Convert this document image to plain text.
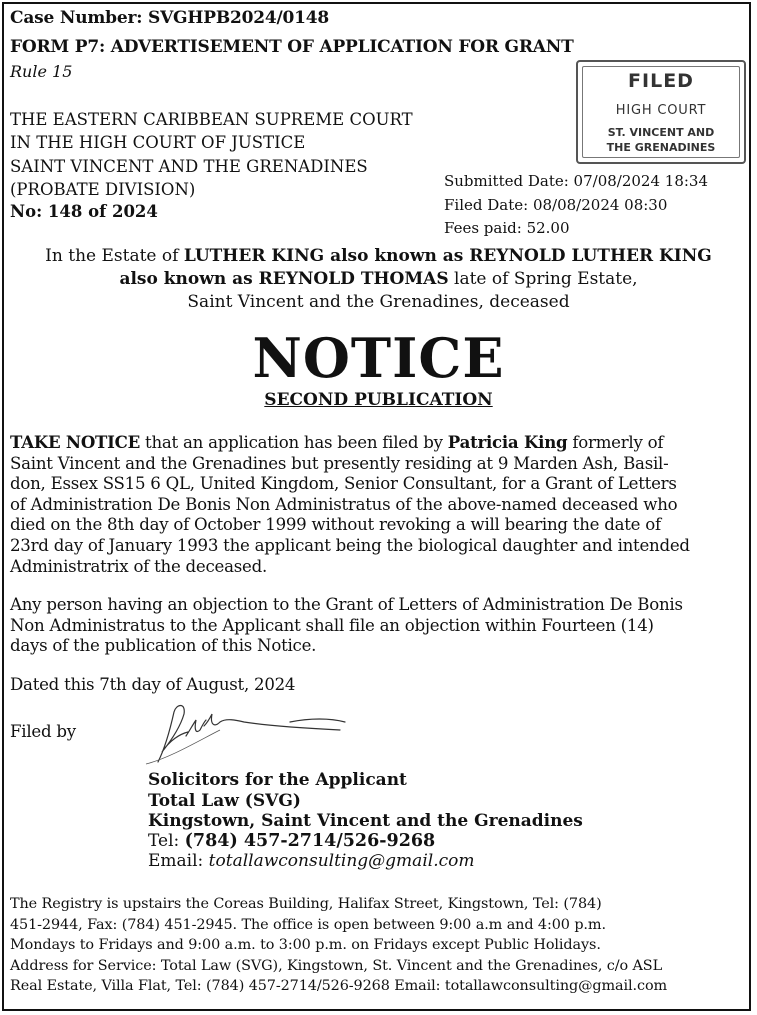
Case Number: SVGHPB2024/0148
FORM P7: ADVERTISEMENT OF APPLICATION FOR GRANT
Rule 15
THE EASTERN CARIBBEAN SUPREME COURT
IN THE HIGH COURT OF JUSTICE
SAINT VINCENT AND THE GRENADINES
(PROBATE DIVISION)
No: 148 of 2024
FILED
HIGH COURT
ST. VINCENT AND
THE GRENADINES
Submitted Date: 07/08/2024 18:34
Filed Date: 08/08/2024 08:30
Fees paid: 52.00
In the Estate of LUTHER KING also known as REYNOLD LUTHER KING
also known as REYNOLD THOMAS late of Spring Estate,
Saint Vincent and the Grenadines, deceased
NOTICE
SECOND PUBLICATION
TAKE NOTICE that an application has been filed by Patricia King formerly of
Saint Vincent and the Grenadines but presently residing at 9 Marden Ash, Basil-
don, Essex SS15 6 QL, United Kingdom, Senior Consultant, for a Grant of Letters
of Administration De Bonis Non Administratus of the above-named deceased who
died on the 8th day of October 1999 without revoking a will bearing the date of
23rd day of January 1993 the applicant being the biological daughter and intended
Administratrix of the deceased.
Any person having an objection to the Grant of Letters of Administration De Bonis
Non Administratus to the Applicant shall file an objection within Fourteen (14)
days of the publication of this Notice.
Dated this 7th day of August, 2024
Filed by
Solicitors for the Applicant
Total Law (SVG)
Kingstown, Saint Vincent and the Grenadines
Tel: (784) 457-2714/526-9268
Email: totallawconsulting@gmail.com
The Registry is upstairs the Coreas Building, Halifax Street, Kingstown, Tel: (784)
451-2944, Fax: (784) 451-2945. The office is open between 9:00 a.m and 4:00 p.m.
Mondays to Fridays and 9:00 a.m. to 3:00 p.m. on Fridays except Public Holidays.
Address for Service: Total Law (SVG), Kingstown, St. Vincent and the Grenadines, c/o ASL
Real Estate, Villa Flat, Tel: (784) 457-2714/526-9268 Email: totallawconsulting@gmail.com
